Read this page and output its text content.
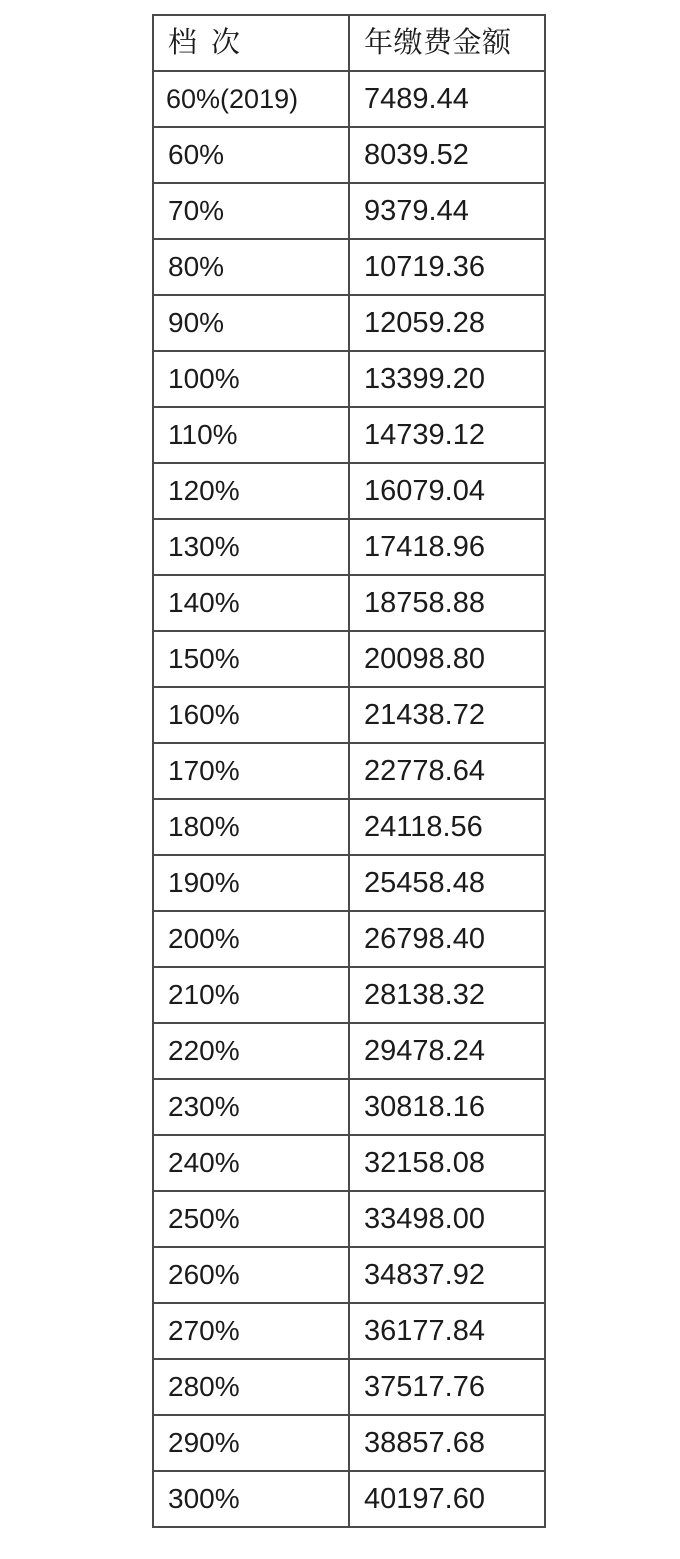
档 次	年缴费金额
60%(2019)	7489.44
60%	8039.52
70%	9379.44
80%	10719.36
90%	12059.28
100%	13399.20
110%	14739.12
120%	16079.04
130%	17418.96
140%	18758.88
150%	20098.80
160%	21438.72
170%	22778.64
180%	24118.56
190%	25458.48
200%	26798.40
210%	28138.32
220%	29478.24
230%	30818.16
240%	32158.08
250%	33498.00
260%	34837.92
270%	36177.84
280%	37517.76
290%	38857.68
300%	40197.60
